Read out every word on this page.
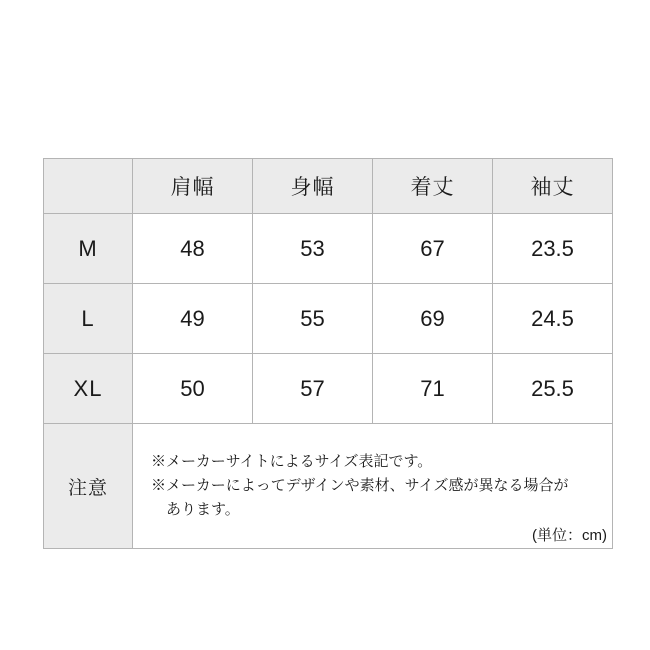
	肩幅	身幅	着丈	袖丈
M	48	53	67	23.5
L	49	55	69	24.5
XL	50	57	71	25.5
注意	※メーカーサイトによるサイズ表記です。
※メーカーによってデザインや素材、サイズ感が異なる場合が
あります。			
(単位：cm)
